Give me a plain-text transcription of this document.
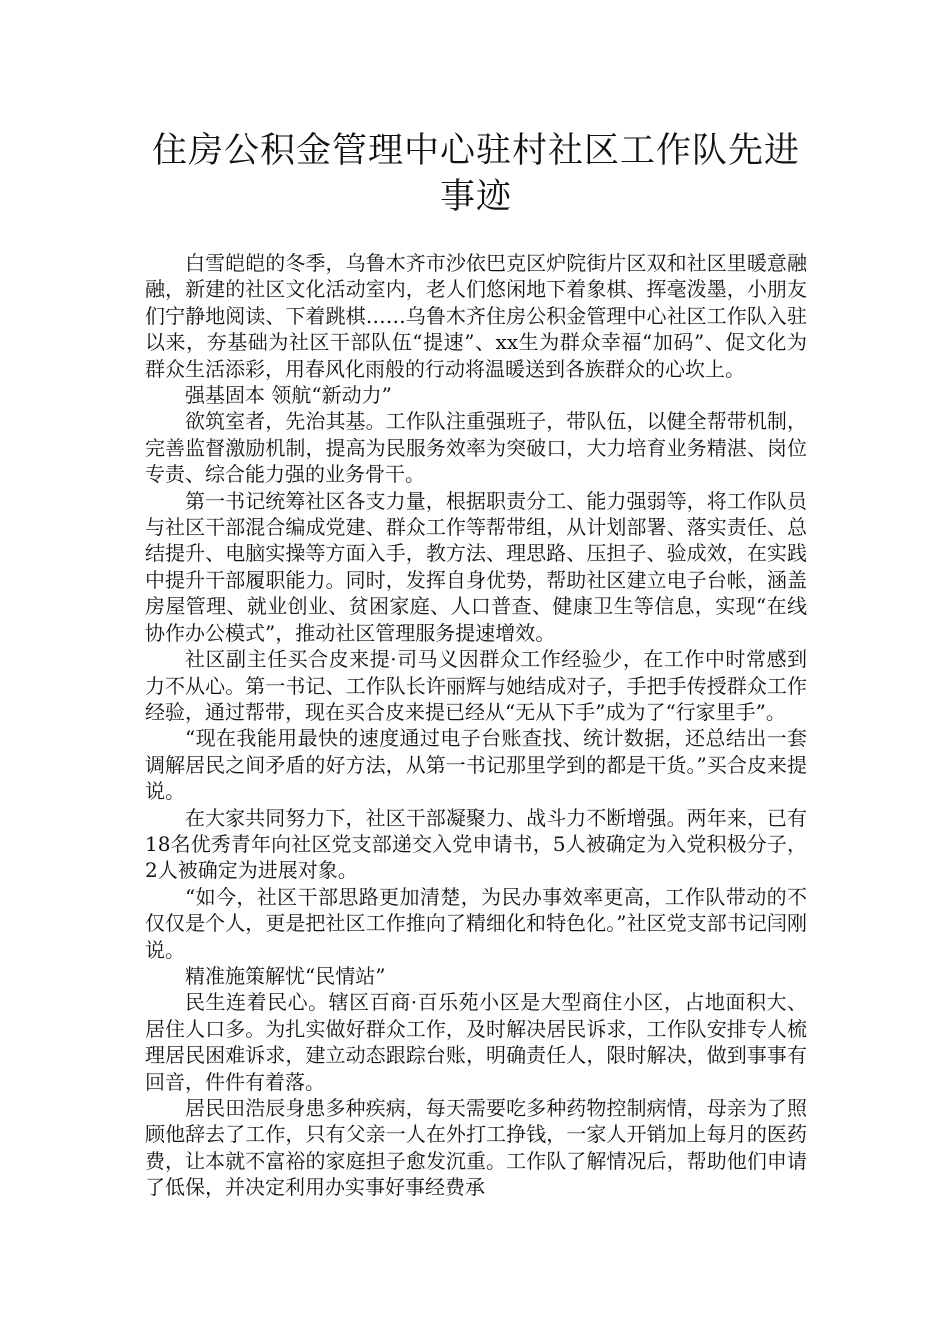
住房公积金管理中心驻村社区工作队先进
事迹

白雪皑皑的冬季，乌鲁木齐市沙依巴克区炉院街片区双和社区里暖意融融，新建的社区文化活动室内，老人们悠闲地下着象棋、挥毫泼墨，小朋友们宁静地阅读、下着跳棋……乌鲁木齐住房公积金管理中心社区工作队入驻以来，夯基础为社区干部队伍“提速”、xx生为群众幸福“加码”、促文化为群众生活添彩，用春风化雨般的行动将温暖送到各族群众的心坎上。

强基固本 领航“新动力”

欲筑室者，先治其基。工作队注重强班子，带队伍，以健全帮带机制，完善监督激励机制，提高为民服务效率为突破口，大力培育业务精湛、岗位专责、综合能力强的业务骨干。

第一书记统筹社区各支力量，根据职责分工、能力强弱等，将工作队员与社区干部混合编成党建、群众工作等帮带组，从计划部署、落实责任、总结提升、电脑实操等方面入手，教方法、理思路、压担子、验成效，在实践中提升干部履职能力。同时，发挥自身优势，帮助社区建立电子台帐，涵盖房屋管理、就业创业、贫困家庭、人口普查、健康卫生等信息，实现“在线协作办公模式”，推动社区管理服务提速增效。

社区副主任买合皮来提·司马义因群众工作经验少，在工作中时常感到力不从心。第一书记、工作队长许丽辉与她结成对子，手把手传授群众工作经验，通过帮带，现在买合皮来提已经从“无从下手”成为了“行家里手”。

“现在我能用最快的速度通过电子台账查找、统计数据，还总结出一套调解居民之间矛盾的好方法，从第一书记那里学到的都是干货。”买合皮来提说。

在大家共同努力下，社区干部凝聚力、战斗力不断增强。两年来，已有18名优秀青年向社区党支部递交入党申请书，5人被确定为入党积极分子，2人被确定为进展对象。

“如今，社区干部思路更加清楚，为民办事效率更高，工作队带动的不仅仅是个人，更是把社区工作推向了精细化和特色化。”社区党支部书记闫刚说。

精准施策解忧“民情站”

民生连着民心。辖区百商·百乐苑小区是大型商住小区，占地面积大、居住人口多。为扎实做好群众工作，及时解决居民诉求，工作队安排专人梳理居民困难诉求，建立动态跟踪台账，明确责任人，限时解决，做到事事有回音，件件有着落。

居民田浩辰身患多种疾病，每天需要吃多种药物控制病情，母亲为了照顾他辞去了工作，只有父亲一人在外打工挣钱，一家人开销加上每月的医药费，让本就不富裕的家庭担子愈发沉重。工作队了解情况后，帮助他们申请了低保，并决定利用办实事好事经费承
